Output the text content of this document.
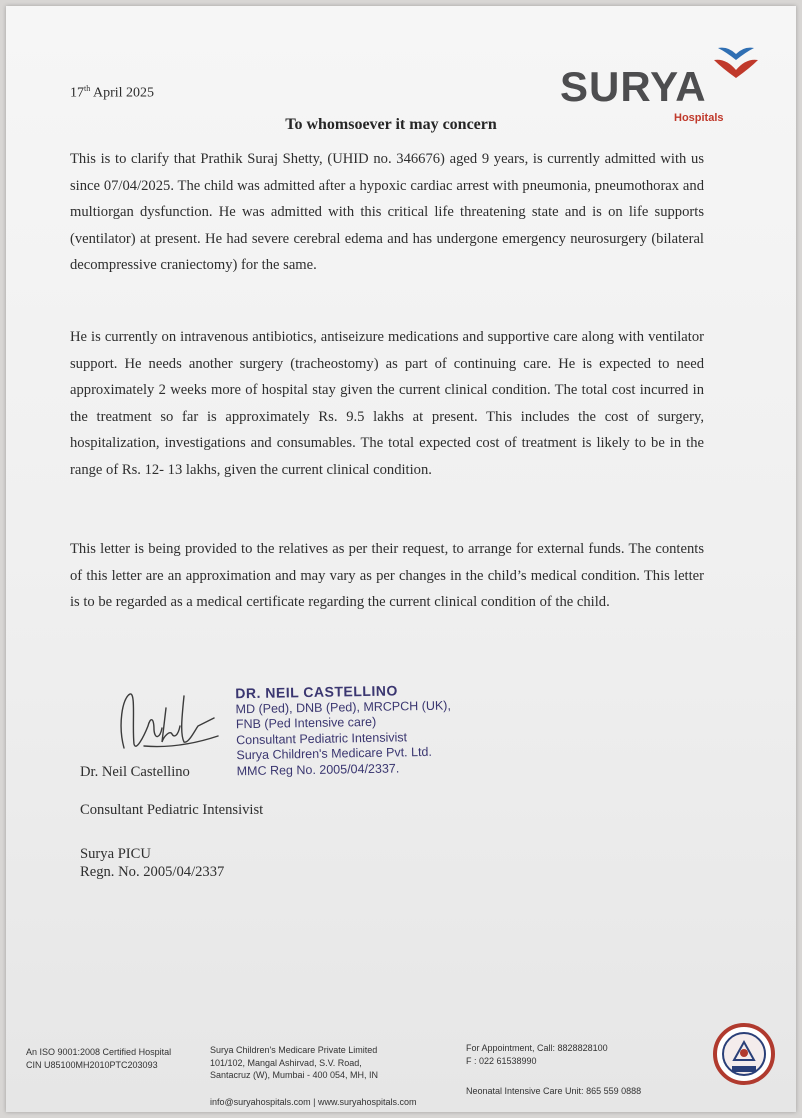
17th April 2025	SURYA
Hospitals
To whomsoever it may concern
This is to clarify that Prathik Suraj Shetty, (UHID no. 346676) aged 9 years, is currently admitted with us since 07/04/2025. The child was admitted after a hypoxic cardiac arrest with pneumonia, pneumothorax and multiorgan dysfunction. He was admitted with this critical life threatening state and is on life supports (ventilator) at present. He had severe cerebral edema and has undergone emergency neurosurgery (bilateral decompressive craniectomy) for the same.
He is currently on intravenous antibiotics, antiseizure medications and supportive care along with ventilator support. He needs another surgery (tracheostomy) as part of continuing care. He is expected to need approximately 2 weeks more of hospital stay given the current clinical condition. The total cost incurred in the treatment so far is approximately Rs. 9.5 lakhs at present. This includes the cost of surgery, hospitalization, investigations and consumables. The total expected cost of treatment is likely to be in the range of Rs. 12- 13 lakhs, given the current clinical condition.
This letter is being provided to the relatives as per their request, to arrange for external funds. The contents of this letter are an approximation and may vary as per changes in the child’s medical condition. This letter is to be regarded as a medical certificate regarding the current clinical condition of the child.
DR. NEIL CASTELLINO
MD (Ped), DNB (Ped), MRCPCH (UK),
FNB (Ped Intensive care)
Consultant Pediatric Intensivist
Surya Children's Medicare Pvt. Ltd.
MMC Reg No. 2005/04/2337.
Dr. Neil Castellino
Consultant Pediatric Intensivist
Surya PICU
Regn. No. 2005/04/2337
An ISO 9001:2008 Certified Hospital
CIN U85100MH2010PTC203093
Surya Children's Medicare Private Limited
101/102, Mangal Ashirvad, S.V. Road,
Santacruz (W), Mumbai - 400 054, MH, IN
info@suryahospitals.com | www.suryahospitals.com
For Appointment, Call: 8828828100
F : 022 61538990
Neonatal Intensive Care Unit: 865 559 0888
